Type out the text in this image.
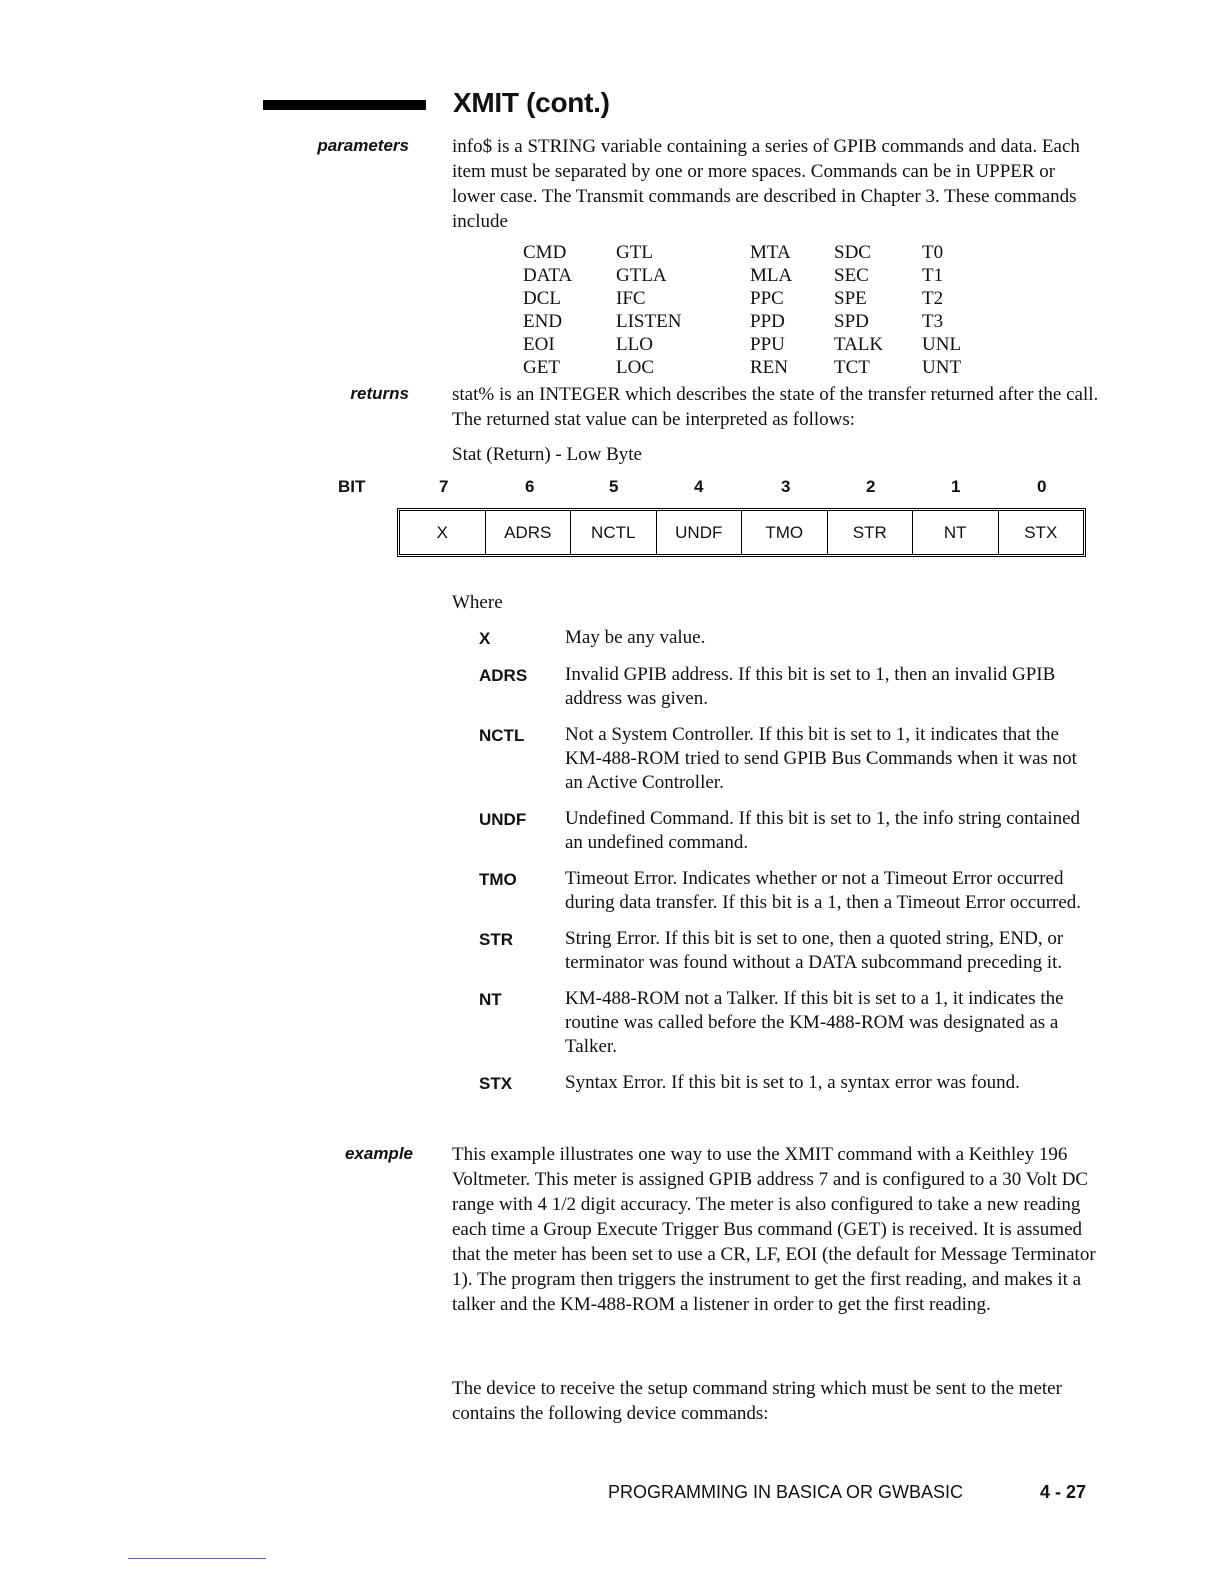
XMIT (cont.)
parameters info$ is a STRING variable containing a series of GPIB commands and data. Each item must be separated by one or more spaces. Commands can be in UPPER or lower case. The Transmit commands are described in Chapter 3. These commands include
CMD	GTL	MTA	SDC	T0
DATA	GTLA	MLA	SEC	T1
DCL	IFC	PPC	SPE	T2
END	LISTEN	PPD	SPD	T3
EOI	LLO	PPU	TALK	UNL
GET	LOC	REN	TCT	UNT
returns stat% is an INTEGER which describes the state of the transfer returned after the call. The returned stat value can be interpreted as follows:
Stat (Return) - Low Byte
BIT	7	6	5	4	3	2	1	0
X	ADRS	NCTL	UNDF	TMO	STR	NT	STX
Where
X	May be any value.
ADRS	Invalid GPIB address. If this bit is set to 1, then an invalid GPIB address was given.
NCTL	Not a System Controller. If this bit is set to 1, it indicates that the KM-488-ROM tried to send GPIB Bus Commands when it was not an Active Controller.
UNDF	Undefined Command. If this bit is set to 1, the info string contained an undefined command.
TMO	Timeout Error. Indicates whether or not a Timeout Error occurred during data transfer. If this bit is a 1, then a Timeout Error occurred.
STR	String Error. If this bit is set to one, then a quoted string, END, or terminator was found without a DATA subcommand preceding it.
NT	KM-488-ROM not a Talker. If this bit is set to a 1, it indicates the routine was called before the KM-488-ROM was designated as a Talker.
STX	Syntax Error. If this bit is set to 1, a syntax error was found.
example This example illustrates one way to use the XMIT command with a Keithley 196 Voltmeter. This meter is assigned GPIB address 7 and is configured to a 30 Volt DC range with 4 1/2 digit accuracy. The meter is also configured to take a new reading each time a Group Execute Trigger Bus command (GET) is received. It is assumed that the meter has been set to use a CR, LF, EOI (the default for Message Terminator 1). The program then triggers the instrument to get the first reading, and makes it a talker and the KM-488-ROM a listener in order to get the first reading.
The device to receive the setup command string which must be sent to the meter contains the following device commands:
PROGRAMMING IN BASICA OR GWBASIC	4 - 27
